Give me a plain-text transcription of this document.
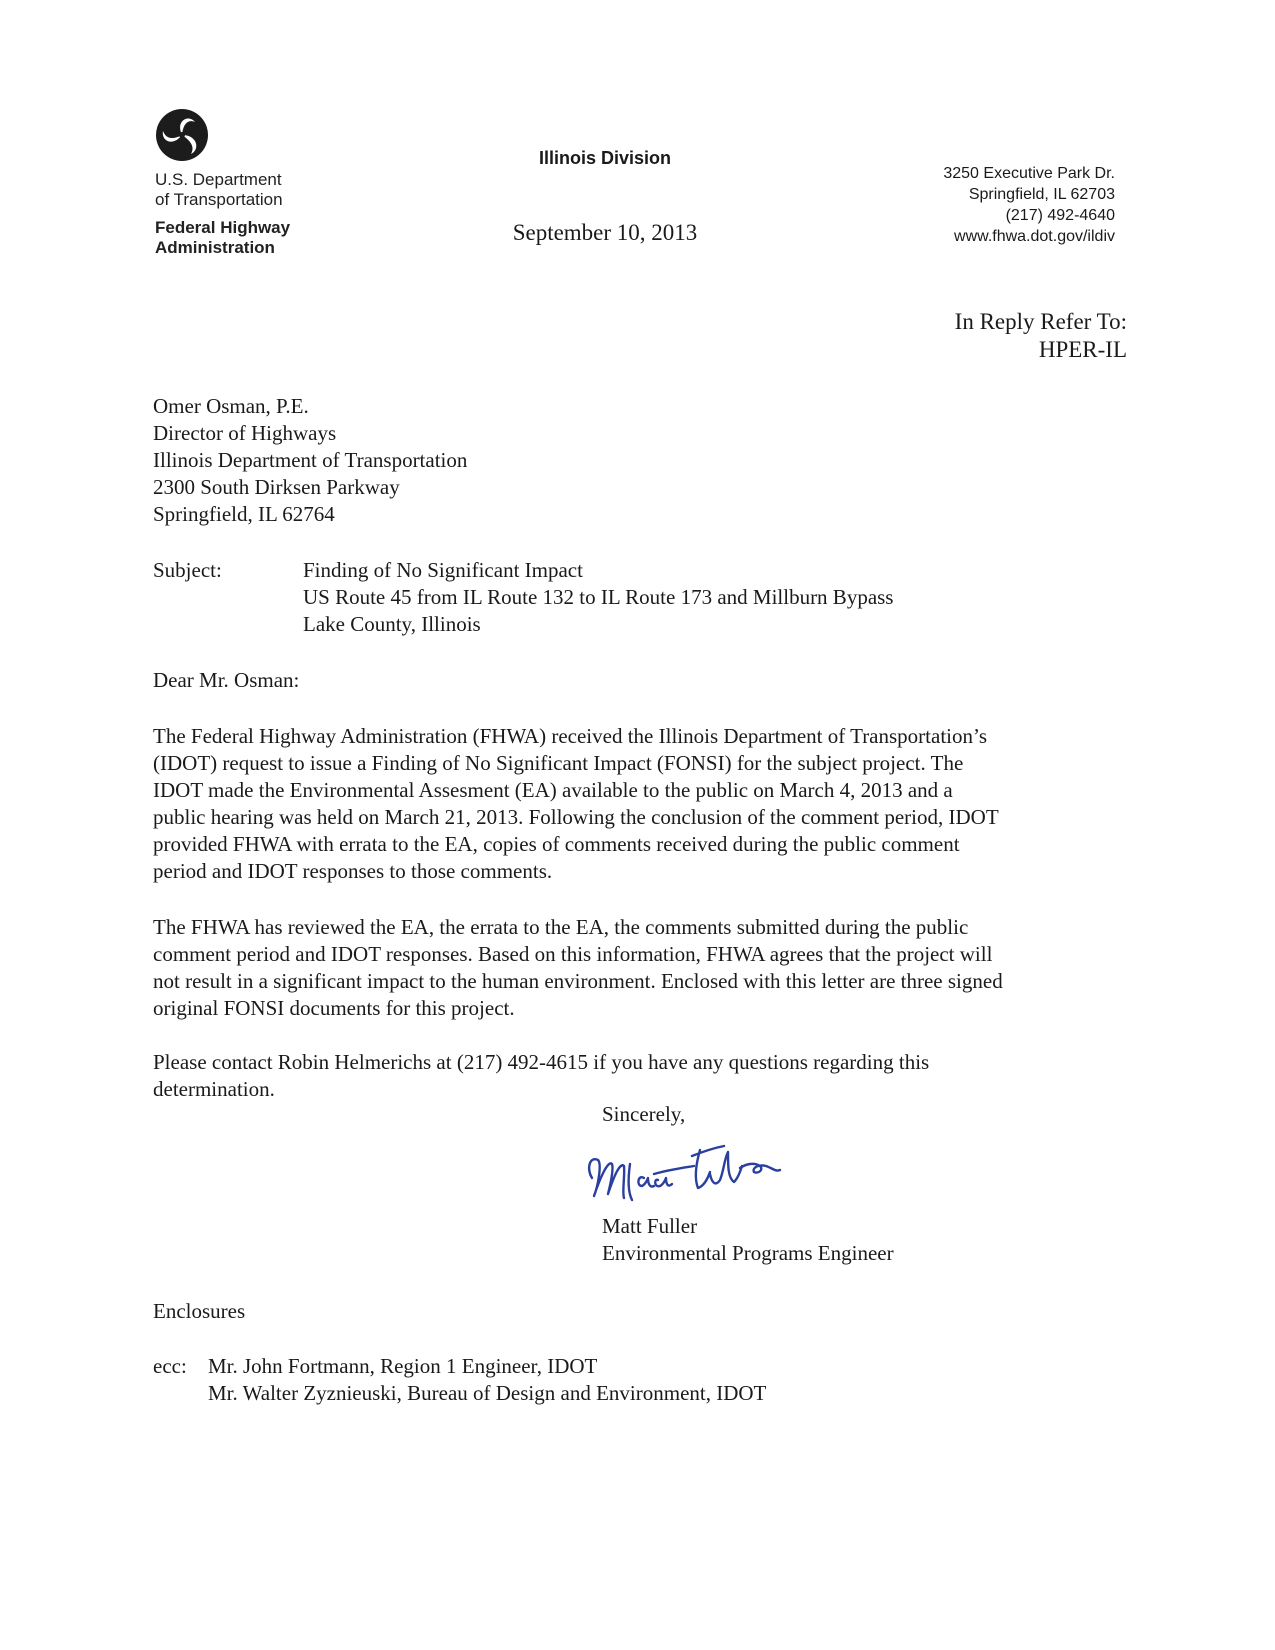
U.S. Department
of Transportation
Federal Highway
Administration
Illinois Division
September 10, 2013
3250 Executive Park Dr.
Springfield, IL 62703
(217) 492-4640
www.fhwa.dot.gov/ildiv
In Reply Refer To:
HPER-IL
Omer Osman, P.E.
Director of Highways
Illinois Department of Transportation
2300 South Dirksen Parkway
Springfield, IL 62764
Subject:	Finding of No Significant Impact
US Route 45 from IL Route 132 to IL Route 173 and Millburn Bypass
Lake County, Illinois
Dear Mr. Osman:
The Federal Highway Administration (FHWA) received the Illinois Department of Transportation’s
(IDOT) request to issue a Finding of No Significant Impact (FONSI) for the subject project. The
IDOT made the Environmental Assesment (EA) available to the public on March 4, 2013 and a
public hearing was held on March 21, 2013. Following the conclusion of the comment period, IDOT
provided FHWA with errata to the EA, copies of comments received during the public comment
period and IDOT responses to those comments.
The FHWA has reviewed the EA, the errata to the EA, the comments submitted during the public
comment period and IDOT responses. Based on this information, FHWA agrees that the project will
not result in a significant impact to the human environment. Enclosed with this letter are three signed
original FONSI documents for this project.
Please contact Robin Helmerichs at (217) 492-4615 if you have any questions regarding this
determination.
Sincerely,
Matt Fuller
Environmental Programs Engineer
Enclosures
ecc: Mr. John Fortmann, Region 1 Engineer, IDOT
Mr. Walter Zyznieuski, Bureau of Design and Environment, IDOT
